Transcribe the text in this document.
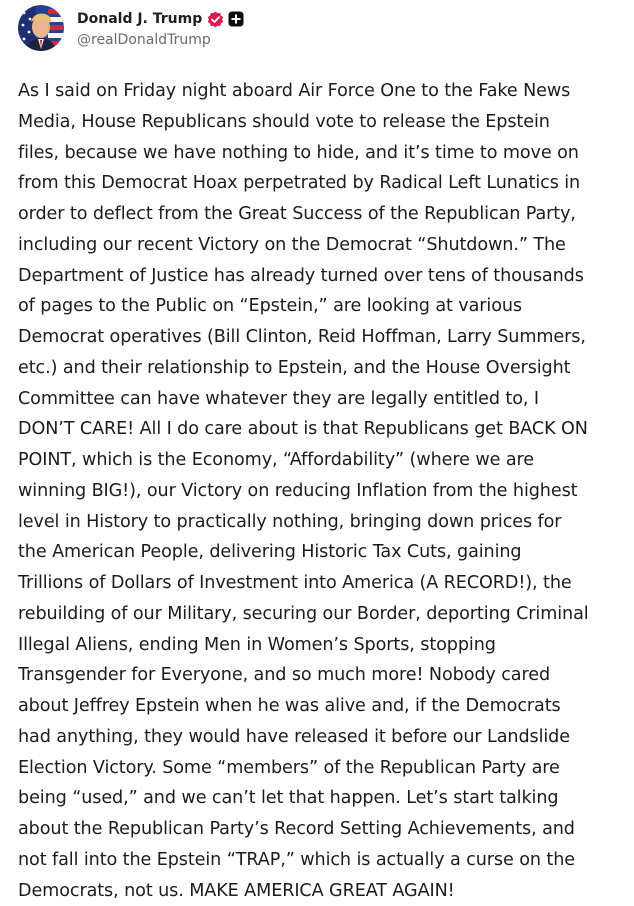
Donald J. Trump
@realDonaldTrump
As I said on Friday night aboard Air Force One to the Fake News
Media, House Republicans should vote to release the Epstein
files, because we have nothing to hide, and it’s time to move on
from this Democrat Hoax perpetrated by Radical Left Lunatics in
order to deflect from the Great Success of the Republican Party,
including our recent Victory on the Democrat “Shutdown.” The
Department of Justice has already turned over tens of thousands
of pages to the Public on “Epstein,” are looking at various
Democrat operatives (Bill Clinton, Reid Hoffman, Larry Summers,
etc.) and their relationship to Epstein, and the House Oversight
Committee can have whatever they are legally entitled to, I
DON’T CARE! All I do care about is that Republicans get BACK ON
POINT, which is the Economy, “Affordability” (where we are
winning BIG!), our Victory on reducing Inflation from the highest
level in History to practically nothing, bringing down prices for
the American People, delivering Historic Tax Cuts, gaining
Trillions of Dollars of Investment into America (A RECORD!), the
rebuilding of our Military, securing our Border, deporting Criminal
Illegal Aliens, ending Men in Women’s Sports, stopping
Transgender for Everyone, and so much more! Nobody cared
about Jeffrey Epstein when he was alive and, if the Democrats
had anything, they would have released it before our Landslide
Election Victory. Some “members” of the Republican Party are
being “used,” and we can’t let that happen. Let’s start talking
about the Republican Party’s Record Setting Achievements, and
not fall into the Epstein “TRAP,” which is actually a curse on the
Democrats, not us. MAKE AMERICA GREAT AGAIN!
